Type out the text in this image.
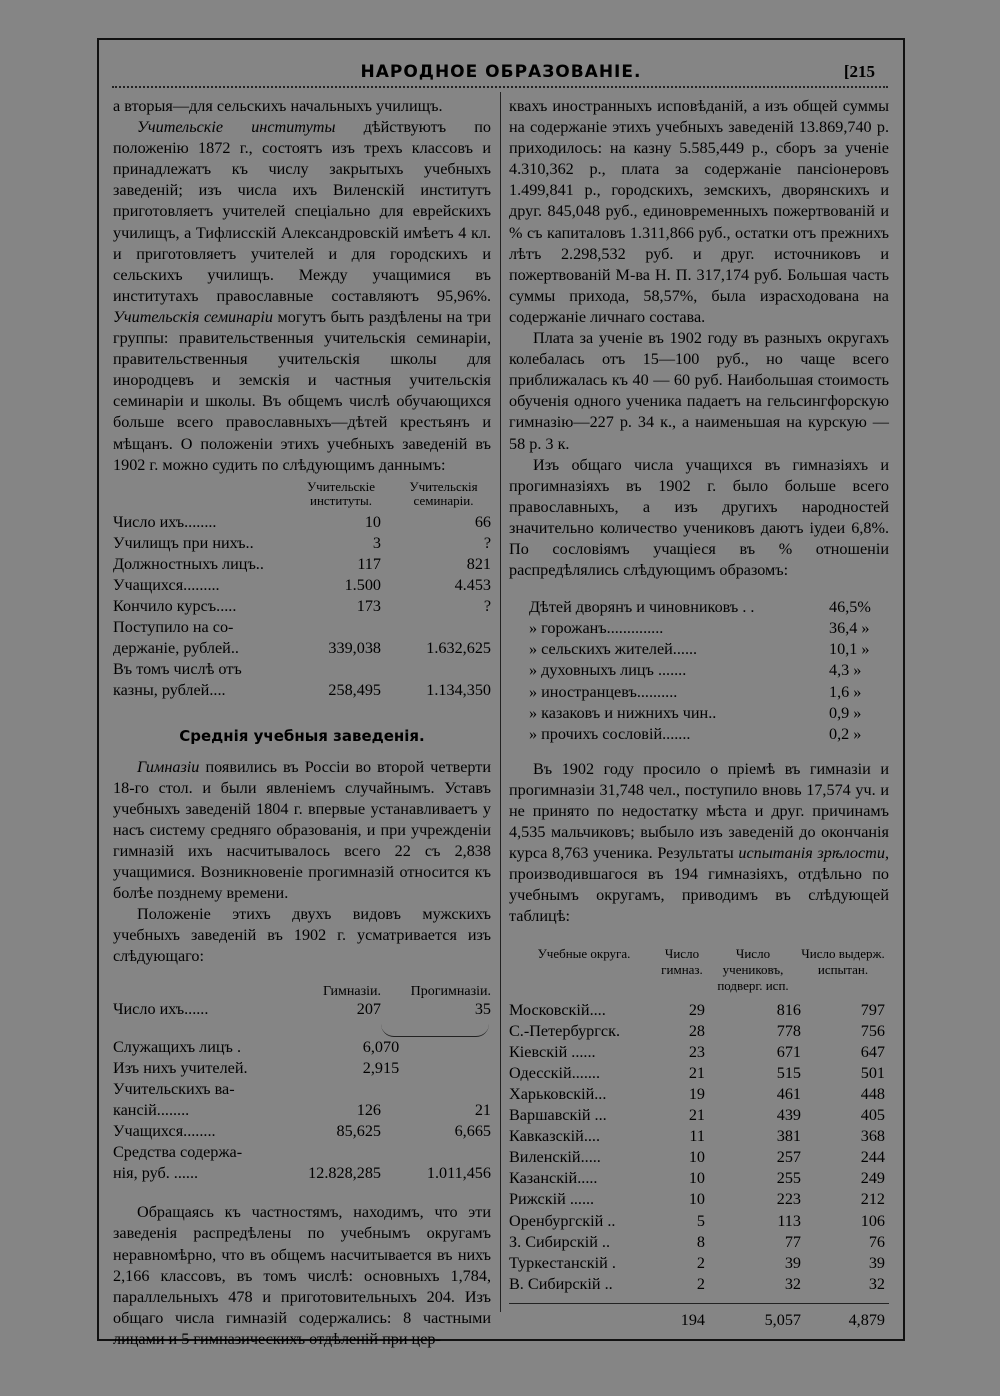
НАРОДНОЕ ОБРАЗОВАНІЕ.	[215

а вторыя—для сельскихъ начальныхъ училищъ.

Учительскіе институты дѣйствуютъ по положенію 1872 г., состоятъ изъ трехъ классовъ и принадлежатъ къ числу закрытыхъ учебныхъ заведеній; изъ числа ихъ Виленскій институтъ приготовляетъ учителей спеціально для еврейскихъ училищъ, а Тифлисскій Александровскій имѣетъ 4 кл. и приготовляетъ учителей и для городскихъ и сельскихъ училищъ. Между учащимися въ институтахъ православные составляютъ 95,96%. Учительскія семинаріи могутъ быть раздѣлены на три группы: правительственныя учительскія семинаріи, правительственныя учительскія школы для инородцевъ и земскія и частныя учительскія семинаріи и школы. Въ общемъ числѣ обучающихся больше всего православныхъ—дѣтей крестьянъ и мѣщанъ. О положеніи этихъ учебныхъ заведеній въ 1902 г. можно судить по слѣдующимъ даннымъ:

Учительскіе институты.
Учительскія семинаріи.
Число ихъ........	10	66
Училищъ при нихъ..	3	?
Должностныхъ лицъ..	117	821
Учащихся.........	1.500	4.453
Кончило курсъ.....	173	?
Поступило на со-
держаніе, рублей..	339,038	1.632,625
Въ томъ числѣ отъ
казны, рублей....	258,495	1.134,350
Среднія учебныя заведенія.

Гимназіи появились въ Россіи во второй четверти 18-го стол. и были явленіемъ случайнымъ. Уставъ учебныхъ заведеній 1804 г. впервые устанавливаетъ у насъ систему средняго образованія, и при учрежденіи гимназій ихъ насчитывалось всего 22 съ 2,838 учащимися. Возникновеніе прогимназій относится къ болѣе позднему времени.

Положеніе этихъ двухъ видовъ мужскихъ учебныхъ заведеній въ 1902 г. усматривается изъ слѣдующаго:

Гимназіи.	Прогимназіи.
Число ихъ......	207	35
Служащихъ лицъ .	6,070
Изъ нихъ учителей.	2,915
Учительскихъ ва-
кансій........	126	21
Учащихся........	85,625	6,665
Средства содержа-
нія, руб. ......	12.828,285	1.011,456

Обращаясь къ частностямъ, находимъ, что эти заведенія распредѣлены по учебнымъ округамъ неравномѣрно, что въ общемъ насчитывается въ нихъ 2,166 классовъ, въ томъ числѣ: основныхъ 1,784, параллельныхъ 478 и приготовительныхъ 204. Изъ общаго числа гимназій содержались: 8 частными лицами и 5 гимназическихъ отдѣленій при цер-

квахъ иностранныхъ исповѣданій, а изъ общей суммы на содержаніе этихъ учебныхъ заведеній 13.869,740 р. приходилось: на казну 5.585,449 р., сборъ за ученіе 4.310,362 р., плата за содержаніе пансіонеровъ 1.499,841 р., городскихъ, земскихъ, дворянскихъ и друг. 845,048 руб., единовременныхъ пожертвованій и % съ капиталовъ 1.311,866 руб., остатки отъ прежнихъ лѣтъ 2.298,532 руб. и друг. источниковъ и пожертвованій М-ва Н. П. 317,174 руб. Большая часть суммы прихода, 58,57%, была израсходована на содержаніе личнаго состава.

Плата за ученіе въ 1902 году въ разныхъ округахъ колебалась отъ 15—100 руб., но чаще всего приближалась къ 40 — 60 руб. Наибольшая стоимость обученія одного ученика падаетъ на гельсингфорскую гимназію—227 р. 34 к., а наименьшая на курскую — 58 р. 3 к.

Изъ общаго числа учащихся въ гимназіяхъ и прогимназіяхъ въ 1902 г. было больше всего православныхъ, а изъ другихъ народностей значительно количество учениковъ даютъ іудеи 6,8%. По сословіямъ учащіеся въ % отношеніи распредѣлялись слѣдующимъ образомъ:

Дѣтей дворянъ и чиновниковъ . .	46,5%
» горожанъ..............	36,4 »
» сельскихъ жителей......	10,1 »
» духовныхъ лицъ .......	4,3 »
» иностранцевъ..........	1,6 »
» казаковъ и нижнихъ чин..	0,9 »
» прочихъ сословій.......	0,2 »

Въ 1902 году просило о пріемѣ въ гимназіи и прогимназіи 31,748 чел., поступило вновь 17,574 уч. и не принято по недостатку мѣста и друг. причинамъ 4,535 мальчиковъ; выбыло изъ заведеній до окончанія курса 8,763 ученика. Результаты испытанія зрѣлости, производившагося въ 194 гимназіяхъ, отдѣльно по учебнымъ округамъ, приводимъ въ слѣдующей таблицѣ:

Учебные округа.	Число гимназ.
Число учениковъ, подверг. исп.
Число выдерж. испытан.
Московскій....	29	816	797
С.-Петербургск.	28	778	756
Кіевскій ......	23	671	647
Одесскій.......	21	515	501
Харьковскій...	19	461	448
Варшавскій ...	21	439	405
Кавказскій....	11	381	368
Виленскій.....	10	257	244
Казанскій.....	10	255	249
Рижскій ......	10	223	212
Оренбургскій ..	5	113	106
З. Сибирскій ..	8	77	76
Туркестанскій .	2	39	39
В. Сибирскій ..	2	32	32
194	5,057	4,879
